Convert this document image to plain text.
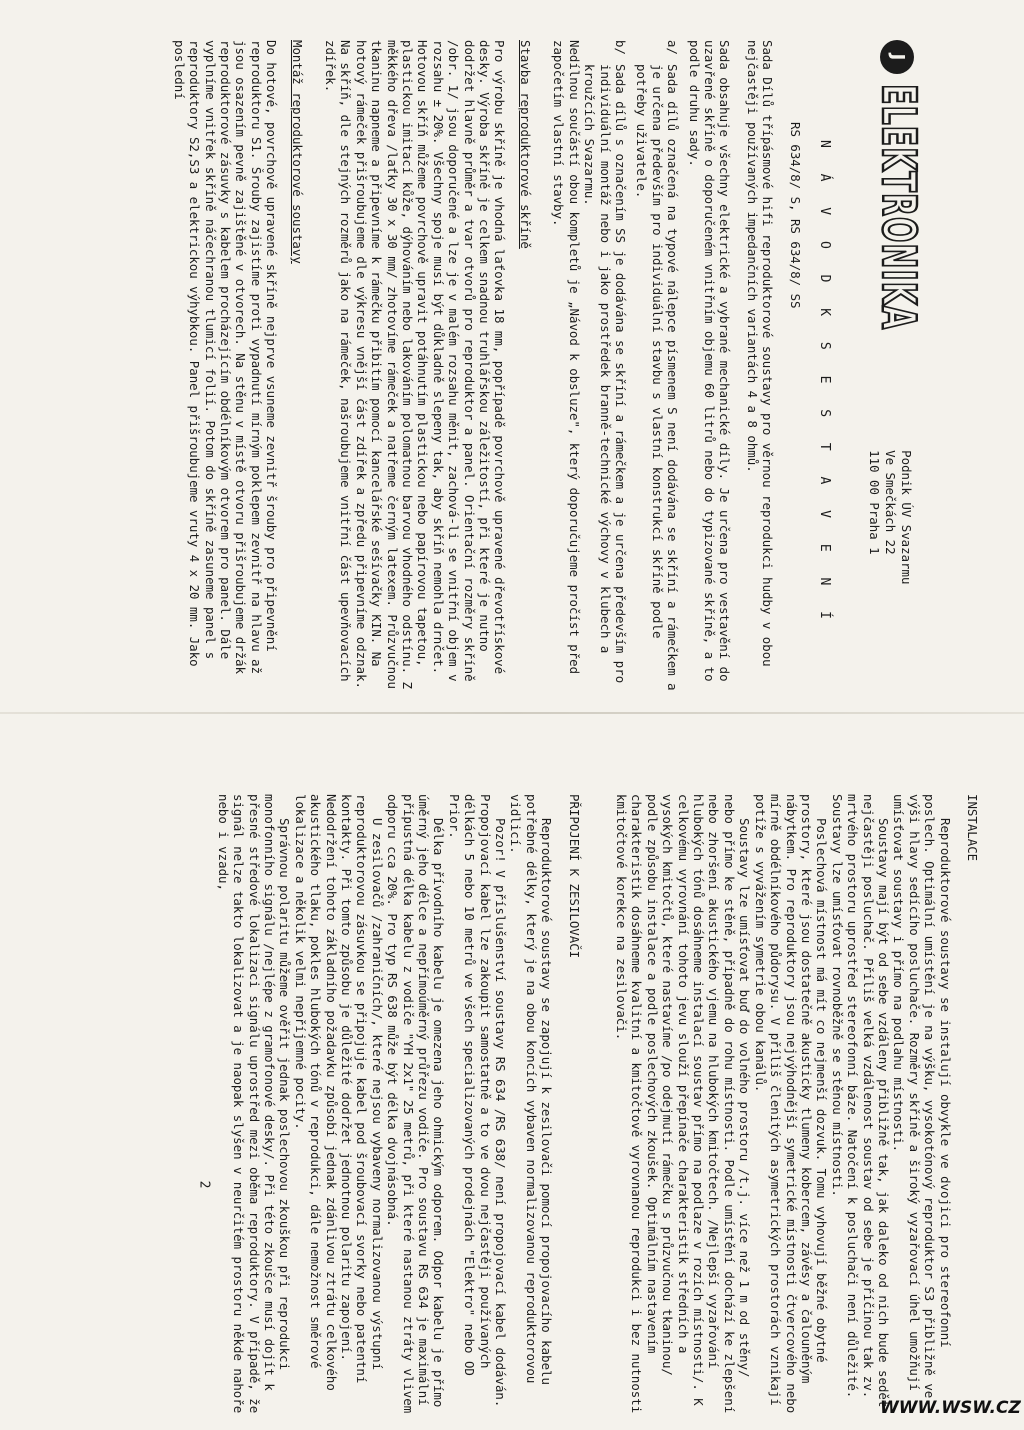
J
ELEKTRONIKA
Podnik ÚV Svazarmu
Ve Smečkách 22
110 00 Praha 1
N Á V O D K S E S T A V E N Í
RS 634/8/ S, RS 634/8/ SS

Sada Dílů třípásmové hifi reproduktorové soustavy pro věrnou reprodukci hudby v obou nejčastěji používaných impedančních variantách 4 a 8 ohmů.

Sada obsahuje všechny elektrické a vybrané mechanické díly. Je určena pro vestavění do uzavřené skříně o doporučeném vnitřním objemu 60 litrů nebo do typizované skříně, a to podle druhu sady.

a/
Sada dílů označená na typové nálepce písmenem S není dodávána se skříní a rámečkem a je určena především pro individuální stavbu s vlastní konstrukcí skříně podle potřeby uživatele.
b/
Sada dílů s označením SS je dodávána se skříní a rámečkem a je určena především pro individuální montáž nebo i jako prostředek branně-technické výchovy v klubech a kroužcích Svazarmu.

Nedílnou součástí obou kompletů je „Návod k obsluze", který doporučujeme pročíst před započetím vlastní stavby.

Stavba reproduktorové skříně

Pro výrobu skříně je vhodná laťovka 18 mm, popřípadě povrchově upravené dřevotřískové desky. Výroba skříně je celkem snadnou truhlářskou záležitostí, při které je nutno dodržet hlavně průměr a tvar otvorů pro reproduktor a panel. Orientační rozměry skříně /obr. 1/ jsou doporučené a lze je v malém rozsahu měnit, zachová-li se vnitřní objem v rozsahu ± 20%. Všechny spoje musí být důkladně slepeny tak, aby skříň nemohla drnčet. Hotovou skříň můžeme povrchově upravit potáhnutím plastickou nebo papírovou tapetou, plastickou imitací kůže, dýhováním nebo lakováním polomatnou barvou vhodného odstínu. Z měkkého dřeva /laťky 30 x 30 mm/ zhotovíme rámeček a natřeme černým latexem. Průzvučnou tkaninu napneme a připevníme k rámečku přibitím pomocí kancelářské sešívačky KIN. Na hotový rámeček přišroubujeme dle výkresu vnější část zdířek a zpředu připevníme odznak. Na skříň, dle stejných rozměrů jako na rámeček, našroubujeme vnitřní část upevňovacích zdířek.

Montáž reproduktorové soustavy

Do hotové, povrchově upravené skříně nejprve vsuneme zevnitř šrouby pro připevnění reproduktoru S1. Šrouby zajistíme proti vypadnutí mírným poklepem zevnitř na hlavu až jsou osazením pevně zajištěné v otvorech. Na stěnu v místě otvoru přišroubujeme držák reproduktorové zásuvky s kabelem procházejícím obdélníkovým otvorem pro panel. Dále vyplníme vnitřek skříně náčechranou tlumicí folií. Potom do skříně zasuneme panel s reproduktory S2,S3 a elektrickou výhybkou. Panel přišroubujeme vruty 4 x 20 mm. Jako poslední

INSTALACE

Reproduktorové soustavy se instalují obvykle ve dvojici pro stereofonní poslech. Optimální umístění je na výšku, vysokotónový reproduktor S3 přibližně ve výši hlavy sedícího posluchače. Rozměry skříně a široký vyzařovací úhel umožňují umísťovat soustavy i přímo na podlahu místnosti.

Soustavy mají být od sebe vzdáleny přibližně tak, jak daleko od nich bude sedět nejčastěji posluchač. Příliš velká vzdálenost soustav od sebe je příčinou tak zv. mrtvého prostoru uprostřed stereofonní báze. Natočení k posluchači není důležité. Soustavy lze umísťovat rovnoběžně se stěnou místnosti.

Poslechová místnost má mít co nejmenší dozvuk. Tomu vyhovují běžné obytné prostory, které jsou dostatečně akusticky tlumeny kobercem, závěsy a čalouněným nábytkem. Pro reproduktory jsou nejvýhodnější symetrické místnosti čtvercového nebo mírně obdélníkového půdorysu. V příliš členitých asymetrických prostorách vznikají potíže s vyvážením symetrie obou kanálů.

Soustavy lze umísťovat buď do volného prostoru /t.j. více než 1 m od stěny/ nebo přímo ke stěně, případně do rohu místnosti. Podle umístění dochází ke zlepšení nebo zhoršení akustického vjemu na hlubokých kmitočtech. /Nejlepší vyzařování hlubokých tónů dosáhneme instalací soustav přímo na podlaze v rozích místnosti/. K celkovému vyrovnání tohoto jevu slouží přepínače charakteristik středních a vysokých kmitočtů, které nastavíme /po odejmutí rámečku s průzvučnou tkaninou/ podle způsobu instalace a podle poslechových zkoušek. Optimálním nastavením charakteristik dosáhneme kvalitní a kmitočtově vyrovnanou reprodukci i bez nutnosti kmitočtové korekce na zesilovači.

PŘIPOJENÍ K ZESILOVAČI

Reproduktorové soustavy se zapojují k zesilovači pomocí propojovacího kabelu potřebné délky, který je na obou koncích vybaven normalizovanou reproduktorovou vidlicí.

Pozor! V příslušenství soustavy RS 634 /RS 638/ není propojovací kabel dodáván. Propojovací kabel lze zakoupit samostatně a to ve dvou nejčastěji používaných délkách 5 nebo 10 metrů ve všech specializovaných prodejnách "Elektro" nebo OD Prior.

Délka přívodního kabelu je omezena jeho ohmickým odporem. Odpor kabelu je přímo úměrný jeho délce a nepřímoúměrný průřezu vodiče. Pro soustavu RS 634 je maximální přípustná délka kabelu z vodiče "YH 2x1" 25 metrů, při které nastanou ztráty vlivem odporu cca 20%. Pro typ RS 638 může být délka dvojnásobná.

U zesilovačů /zahraničních/, které nejsou vybaveny normalizovanou výstupní reproduktorovou zásuvkou se připojuje kabel pod šroubovací svorky nebo patentní kontakty. Při tomto způsobu je důležité dodržet jednotnou polaritu zapojení. Nedodržení tohoto základního požadavku způsobí jednak zdánlivou ztrátu celkového akustického tlaku, pokles hlubokých tónů v reprodukci, dále nemožnost směrové lokalizace a několik velmi nepříjemné pocity.

Správnou polaritu můžeme ověřit jednak poslechovou zkouškou při reprodukci monofonního signálu /nejlépe z gramofonové desky/. Při této zkoušce musí dojít k přesné středové lokalizaci signálu uprostřed mezi oběma reproduktory. V případě, že signál nelze takto lokalizovat a je naopak slyšen v neurčitém prostoru někde nahoře nebo i vzadu,

2
WWW.WSW.CZ
